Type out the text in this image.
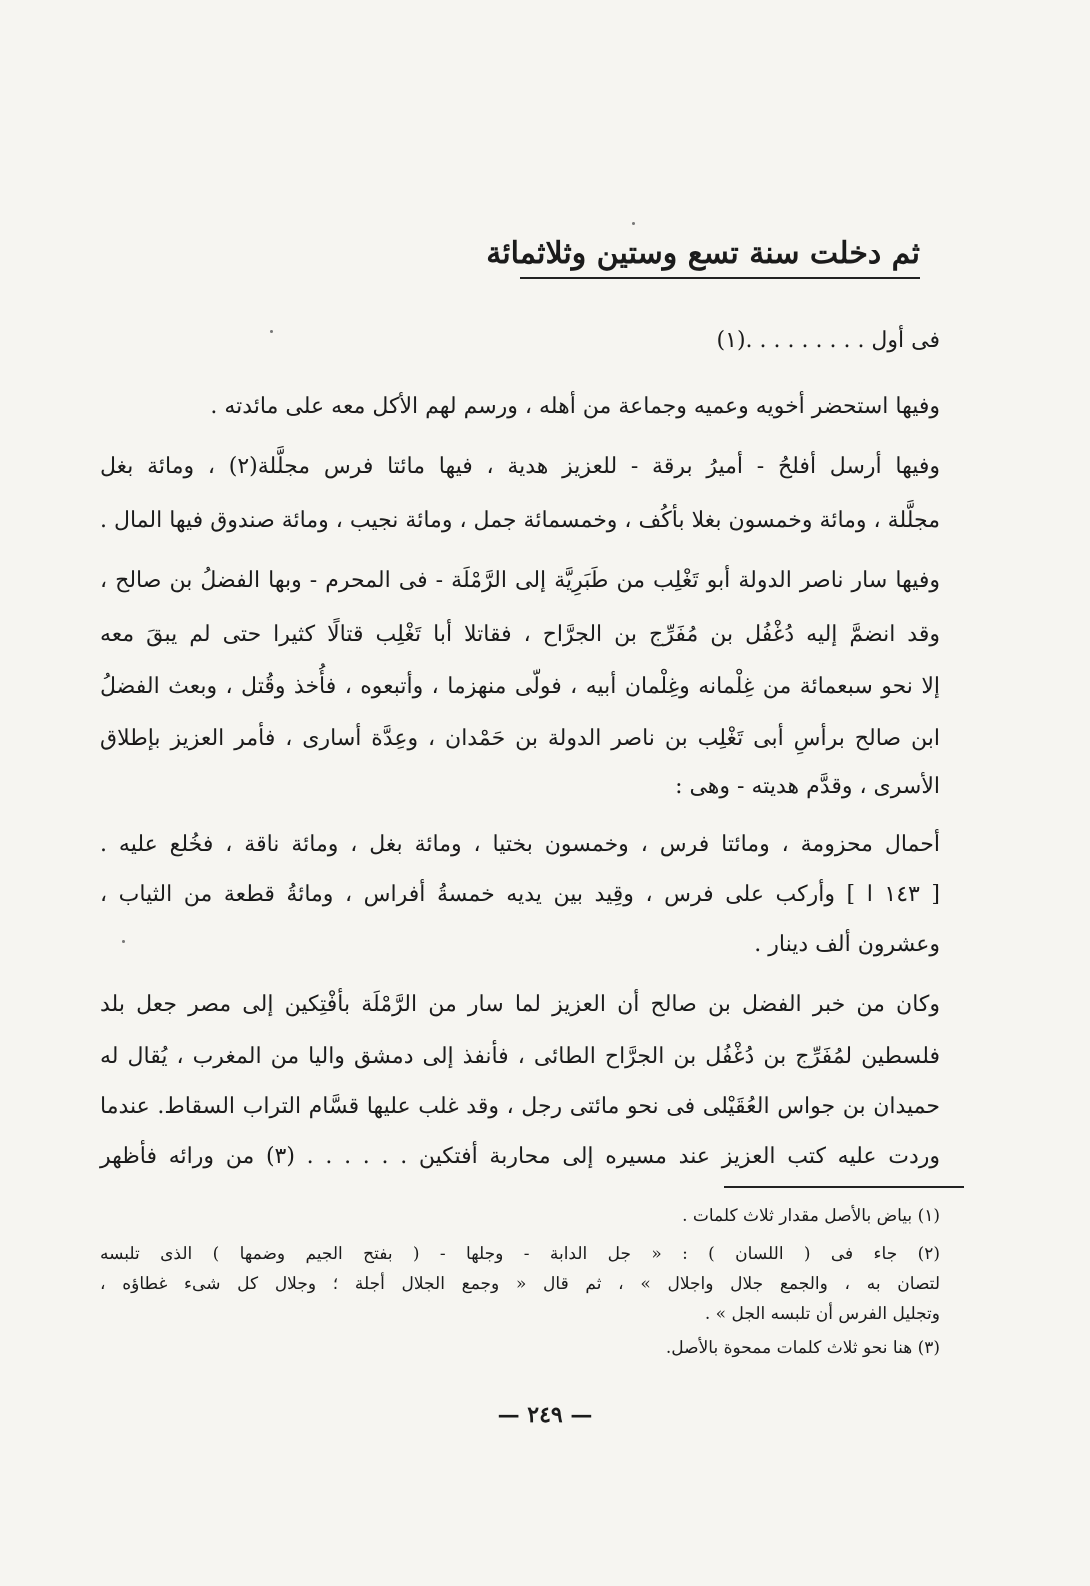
ثم دخلت سنة تسع وستين وثلاثمائة
فى أول . . . . . . . . .(١)
وفيها استحضر أخويه وعميه وجماعة من أهله ، ورسم لهم الأكل معه على مائدته .
وفيها أرسل أفلحُ - أميرُ برقة - للعزيز هدية ، فيها مائتا فرس مجلَّلة(٢) ، ومائة بغل
مجلَّلة ، ومائة وخمسون بغلا بأكُف ، وخمسمائة جمل ، ومائة نجيب ، ومائة صندوق فيها المال .
وفيها سار ناصر الدولة أبو تَغْلِب من طَبَرِيَّة إلى الرَّمْلَة - فى المحرم - وبها الفضلُ بن صالح ،
وقد انضمَّ إليه دُغْفُل بن مُفَرِّج بن الجرَّاح ، فقاتلا أبا تَغْلِب قتالًا كثيرا حتى لم يبقَ معه
إلا نحو سبعمائة من غِلْمانه وغِلْمان أبيه ، فولّى منهزما ، وأتبعوه ، فأُخذ وقُتل ، وبعث الفضلُ
ابن صالح برأسِ أبى تَغْلِب بن ناصر الدولة بن حَمْدان ، وعِدَّة أسارى ، فأمر العزيز بإطلاق
الأسرى ، وقدَّم هديته - وهى :
أحمال محزومة ، ومائتا فرس ، وخمسون بختيا ، ومائة بغل ، ومائة ناقة ، فخُلع عليه .
[ ١٤٣ ا ] وأركب على فرس ، وقِيد بين يديه خمسةُ أفراس ، ومائةُ قطعة من الثياب ،
وعشرون ألف دينار .
وكان من خبر الفضل بن صالح أن العزيز لما سار من الرَّمْلَة بأفْتِكين إلى مصر جعل بلد
فلسطين لمُفَرِّج بن دُغْفُل بن الجرَّاح الطائى ، فأنفذ إلى دمشق واليا من المغرب ، يُقال له
حميدان بن جواس العُقَيْلى فى نحو مائتى رجل ، وقد غلب عليها قسَّام التراب السقاط. عندما
وردت عليه كتب العزيز عند مسيره إلى محاربة أفتكين . . . . . . (٣) من ورائه فأظهر
(١) بياض بالأصل مقدار ثلاث كلمات .
(٢) جاء فى ( اللسان ) : « جل الدابة - وجلها - ( بفتح الجيم وضمها ) الذى تلبسه
لتصان به ، والجمع جلال واجلال » ، ثم قال « وجمع الجلال أجلة ؛ وجلال كل شىء غطاؤه ،
وتجليل الفرس أن تلبسه الجل » .
(٣) هنا نحو ثلاث كلمات ممحوة بالأصل.
— ٢٤٩ —
